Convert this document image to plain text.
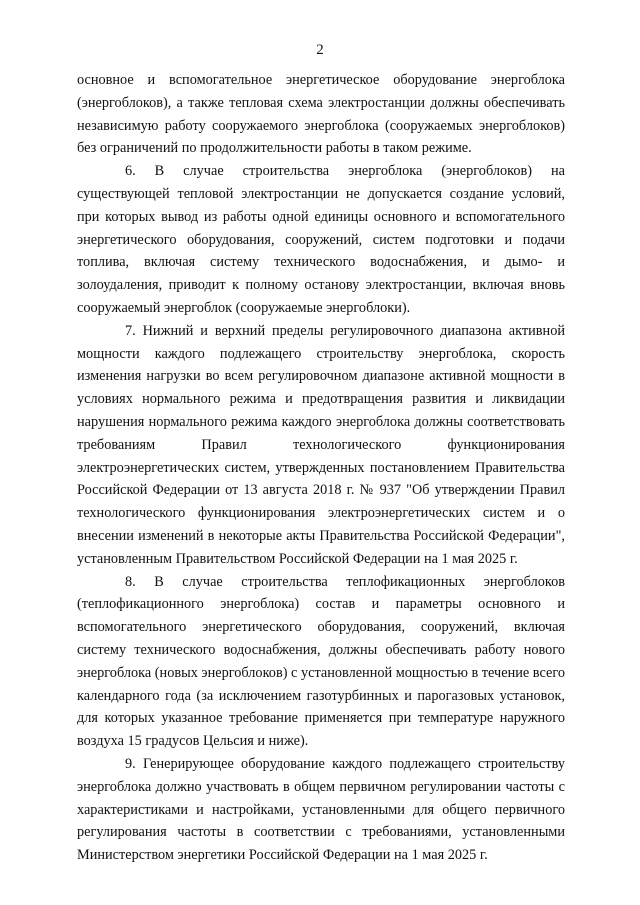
2

основное и вспомогательное энергетическое оборудование энергоблока (энергоблоков), а также тепловая схема электростанции должны обеспечивать независимую работу сооружаемого энергоблока (сооружаемых энергоблоков) без ограничений по продолжительности работы в таком режиме.

6. В случае строительства энергоблока (энергоблоков) на существующей тепловой электростанции не допускается создание условий, при которых вывод из работы одной единицы основного и вспомогательного энергетического оборудования, сооружений, систем подготовки и подачи топлива, включая систему технического водоснабжения, и дымо- и золоудаления, приводит к полному останову электростанции, включая вновь сооружаемый энергоблок (сооружаемые энергоблоки).

7. Нижний и верхний пределы регулировочного диапазона активной мощности каждого подлежащего строительству энергоблока, скорость изменения нагрузки во всем регулировочном диапазоне активной мощности в условиях нормального режима и предотвращения развития и ликвидации нарушения нормального режима каждого энергоблока должны соответствовать требованиям Правил технологического функционирования электроэнергетических систем, утвержденных постановлением Правительства Российской Федерации от 13 августа 2018 г. № 937 "Об утверждении Правил технологического функционирования электроэнергетических систем и о внесении изменений в некоторые акты Правительства Российской Федерации", установленным Правительством Российской Федерации на 1 мая 2025 г.

8. В случае строительства теплофикационных энергоблоков (теплофикационного энергоблока) состав и параметры основного и вспомогательного энергетического оборудования, сооружений, включая систему технического водоснабжения, должны обеспечивать работу нового энергоблока (новых энергоблоков) с установленной мощностью в течение всего календарного года (за исключением газотурбинных и парогазовых установок, для которых указанное требование применяется при температуре наружного воздуха 15 градусов Цельсия и ниже).

9. Генерирующее оборудование каждого подлежащего строительству энергоблока должно участвовать в общем первичном регулировании частоты с характеристиками и настройками, установленными для общего первичного регулирования частоты в соответствии с требованиями, установленными Министерством энергетики Российской Федерации на 1 мая 2025 г.
